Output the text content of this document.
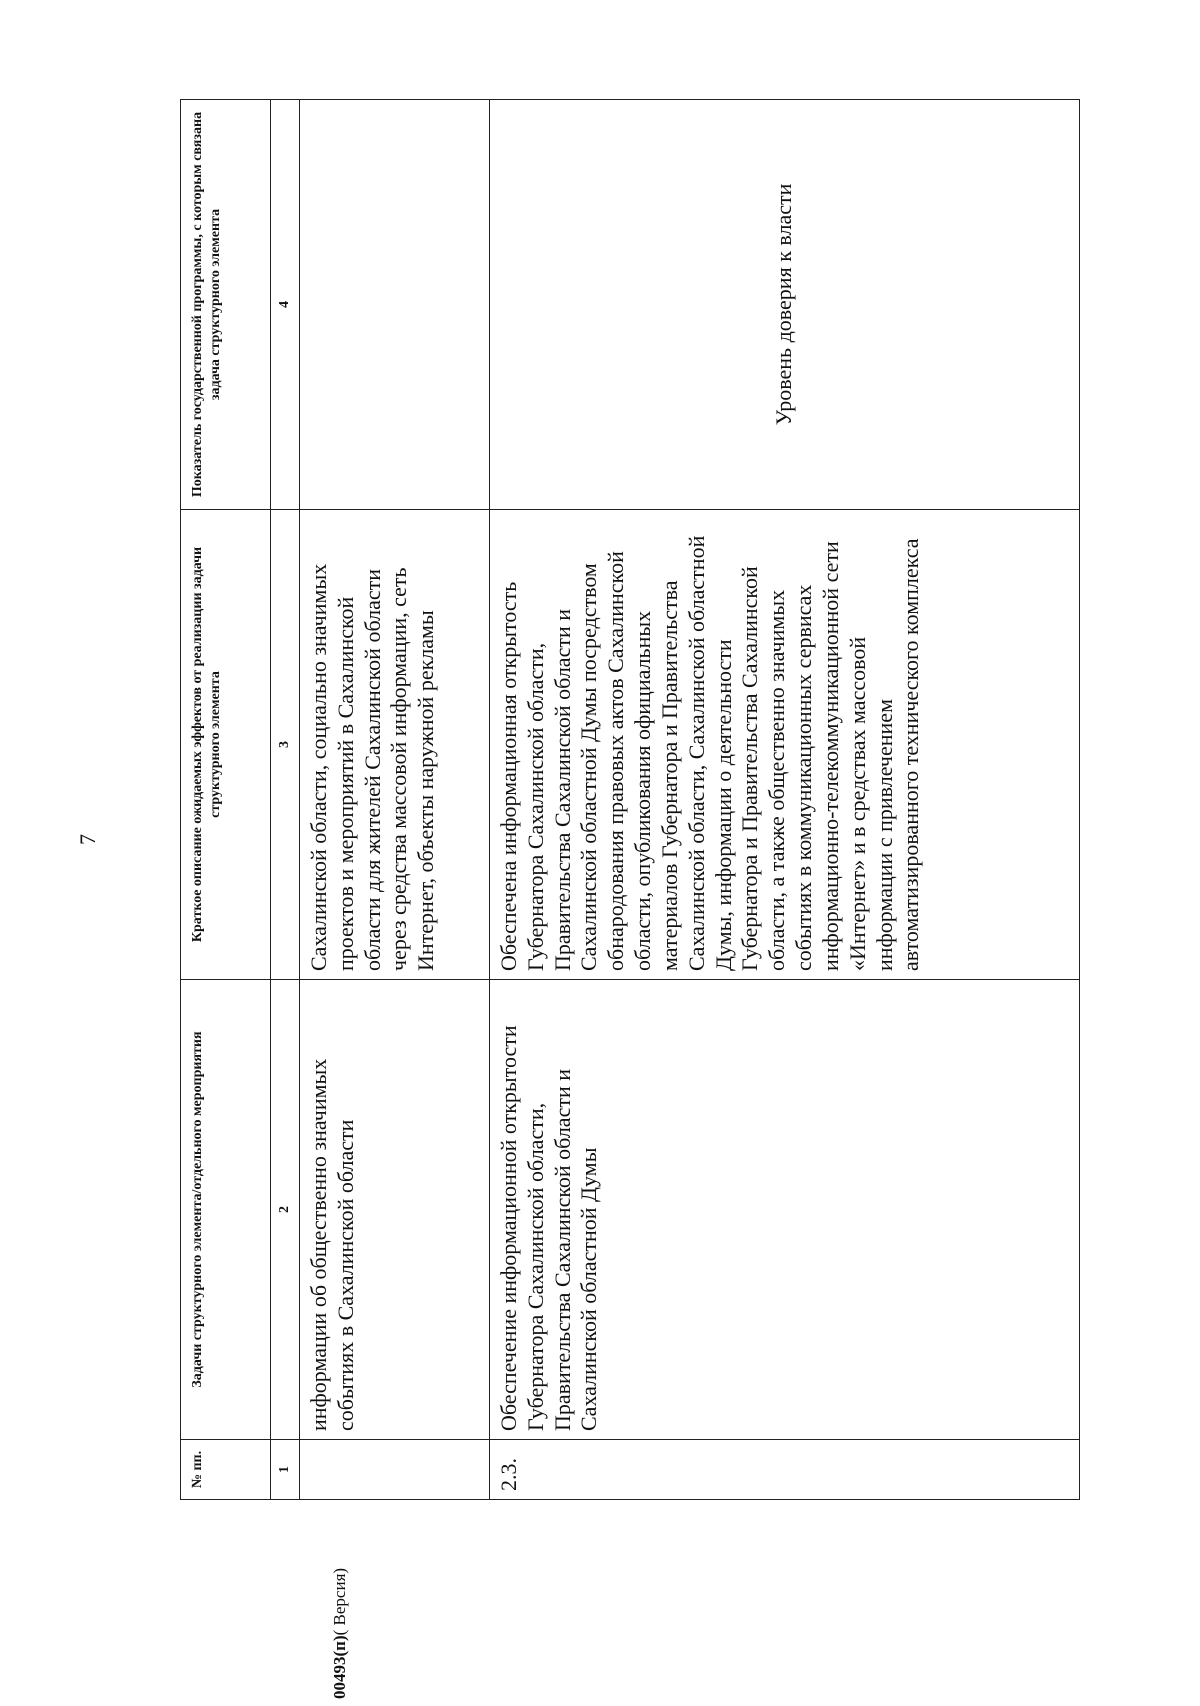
7
№ пп.	Задачи структурного элемента/отдельного мероприятия	Краткое описание ожидаемых эффектов от реализации задачи структурного элемента	Показатель государственной программы, с которым связана задача структурного элемента
1	2	3	4
	информации об общественно значимых событиях в Сахалинской области	Сахалинской области, социально значимых проектов и мероприятий в Сахалинской области для жителей Сахалинской области через средства массовой информации, сеть Интернет, объекты наружной рекламы	
2.3.	Обеспечение информационной открытости Губернатора Сахалинской области, Правительства Сахалинской области и Сахалинской областной Думы	Обеспечена информационная открытость Губернатора Сахалинской области, Правительства Сахалинской области и Сахалинской областной Думы посредством обнародования правовых актов Сахалинской области, опубликования официальных материалов Губернатора и Правительства Сахалинской области, Сахалинской областной Думы, информации о деятельности Губернатора и Правительства Сахалинской области, а также общественно значимых событиях в коммуникационных сервисах информационно-телекоммуникационной сети «Интернет» и в средствах массовой информации с привлечением автоматизированного технического комплекса	Уровень доверия к власти
00493(п)( Версия)
